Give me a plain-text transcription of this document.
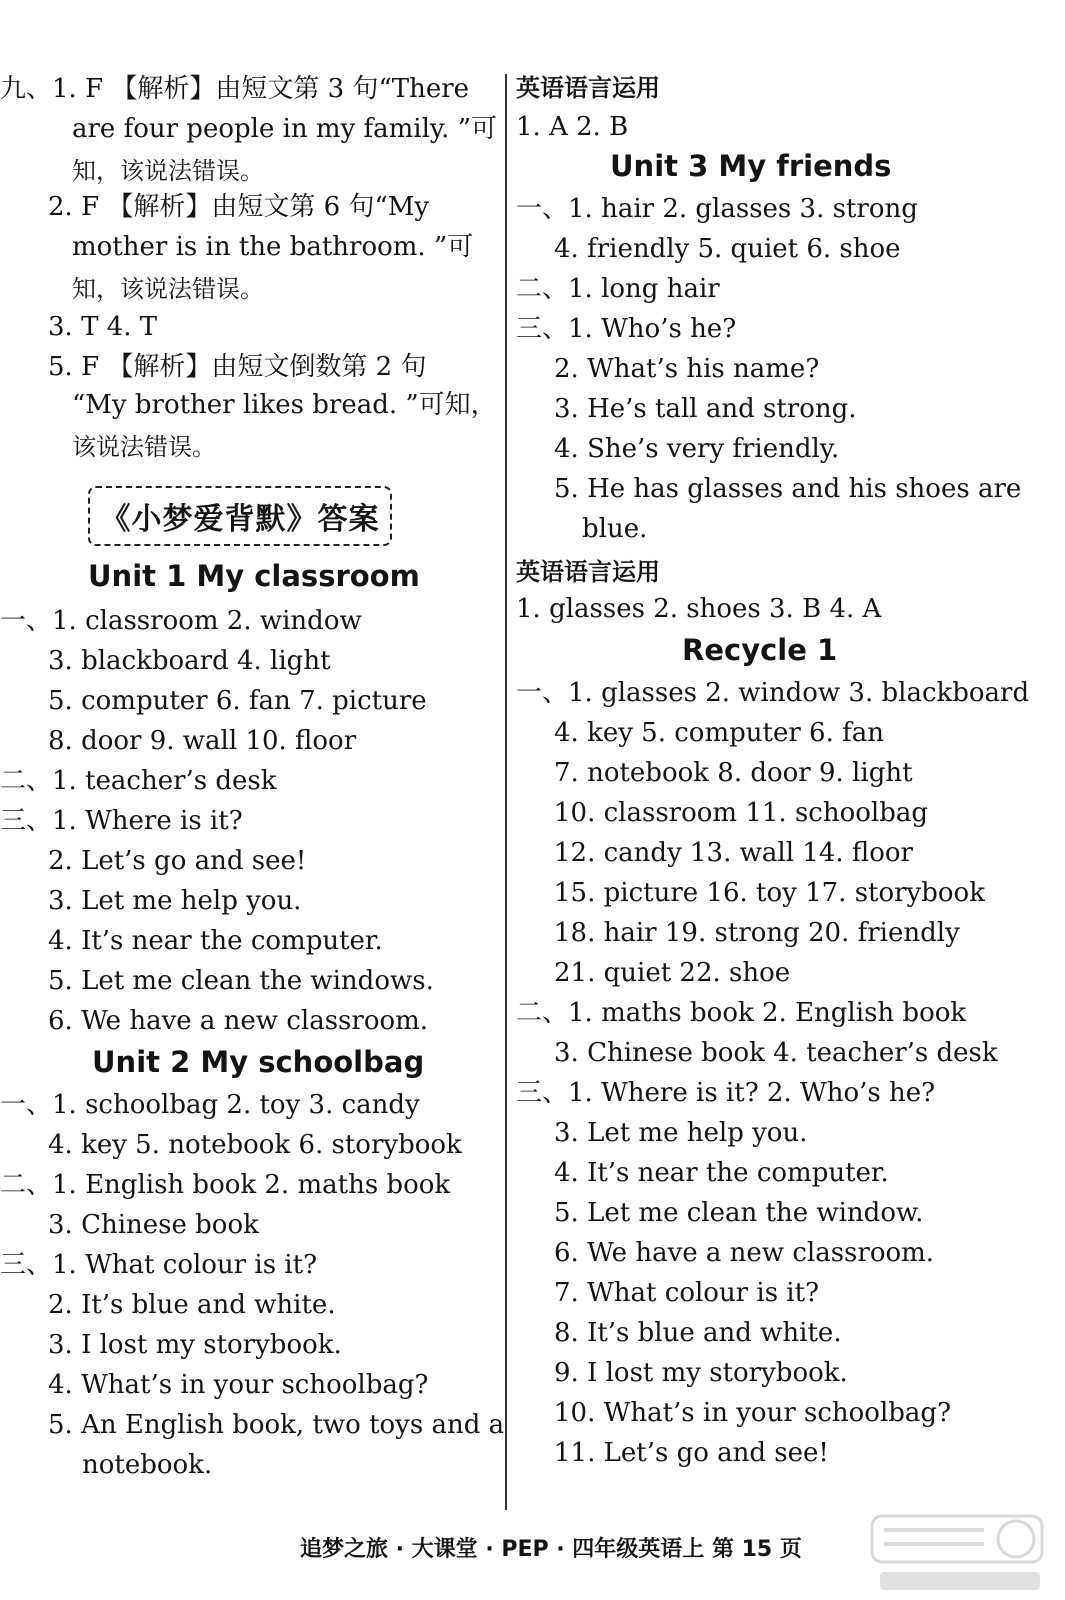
九、1. F 【解析】由短文第 3 句“There
are four people in my family. ”可
知，该说法错误。
2. F 【解析】由短文第 6 句“My
mother is in the bathroom. ”可
知，该说法错误。
3. T 4. T
5. F 【解析】由短文倒数第 2 句
“My brother likes bread. ”可知，
该说法错误。
Unit 1 My classroom
一、1. classroom 2. window
3. blackboard 4. light
5. computer 6. fan 7. picture
8. door 9. wall 10. floor
二、1. teacher’s desk
三、1. Where is it?
2. Let’s go and see!
3. Let me help you.
4. It’s near the computer.
5. Let me clean the windows.
6. We have a new classroom.
Unit 2 My schoolbag
一、1. schoolbag 2. toy 3. candy
4. key 5. notebook 6. storybook
二、1. English book 2. maths book
3. Chinese book
三、1. What colour is it?
2. It’s blue and white.
3. I lost my storybook.
4. What’s in your schoolbag?
5. An English book, two toys and a
notebook.
《小梦爱背默》答案
英语语言运用
1. A 2. B
Unit 3 My friends
一、1. hair 2. glasses 3. strong
4. friendly 5. quiet 6. shoe
二、1. long hair
三、1. Who’s he?
2. What’s his name?
3. He’s tall and strong.
4. She’s very friendly.
5. He has glasses and his shoes are
blue.
英语语言运用
1. glasses 2. shoes 3. B 4. A
Recycle 1
一、1. glasses 2. window 3. blackboard
4. key 5. computer 6. fan
7. notebook 8. door 9. light
10. classroom 11. schoolbag
12. candy 13. wall 14. floor
15. picture 16. toy 17. storybook
18. hair 19. strong 20. friendly
21. quiet 22. shoe
二、1. maths book 2. English book
3. Chinese book 4. teacher’s desk
三、1. Where is it? 2. Who’s he?
3. Let me help you.
4. It’s near the computer.
5. Let me clean the window.
6. We have a new classroom.
7. What colour is it?
8. It’s blue and white.
9. I lost my storybook.
10. What’s in your schoolbag?
11. Let’s go and see!
追梦之旅 · 大课堂 · PEP · 四年级英语上 第 15 页
